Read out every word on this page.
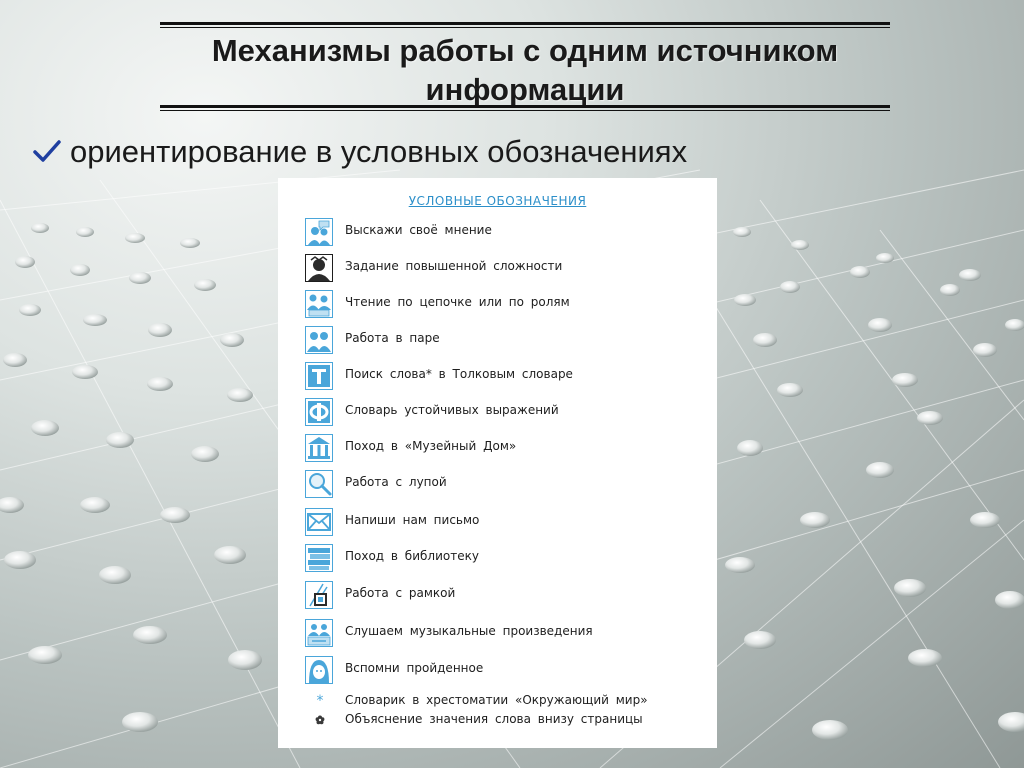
Механизмы работы с одним источником
информации
ориентирование в условных обозначениях
УСЛОВНЫЕ ОБОЗНАЧЕНИЯ
Выскажи своё мнение
Задание повышенной сложности
Чтение по цепочке или по ролям
Работа в паре
Поиск слова* в Толковым словаре
Словарь устойчивых выражений
Поход в «Музейный Дом»
Работа с лупой
Напиши нам письмо
Поход в библиотеку
Работа с рамкой
Слушаем музыкальные произведения
Вспомни пройденное
* Словарик в хрестоматии «Окружающий мир»
Объяснение значения слова внизу страницы
